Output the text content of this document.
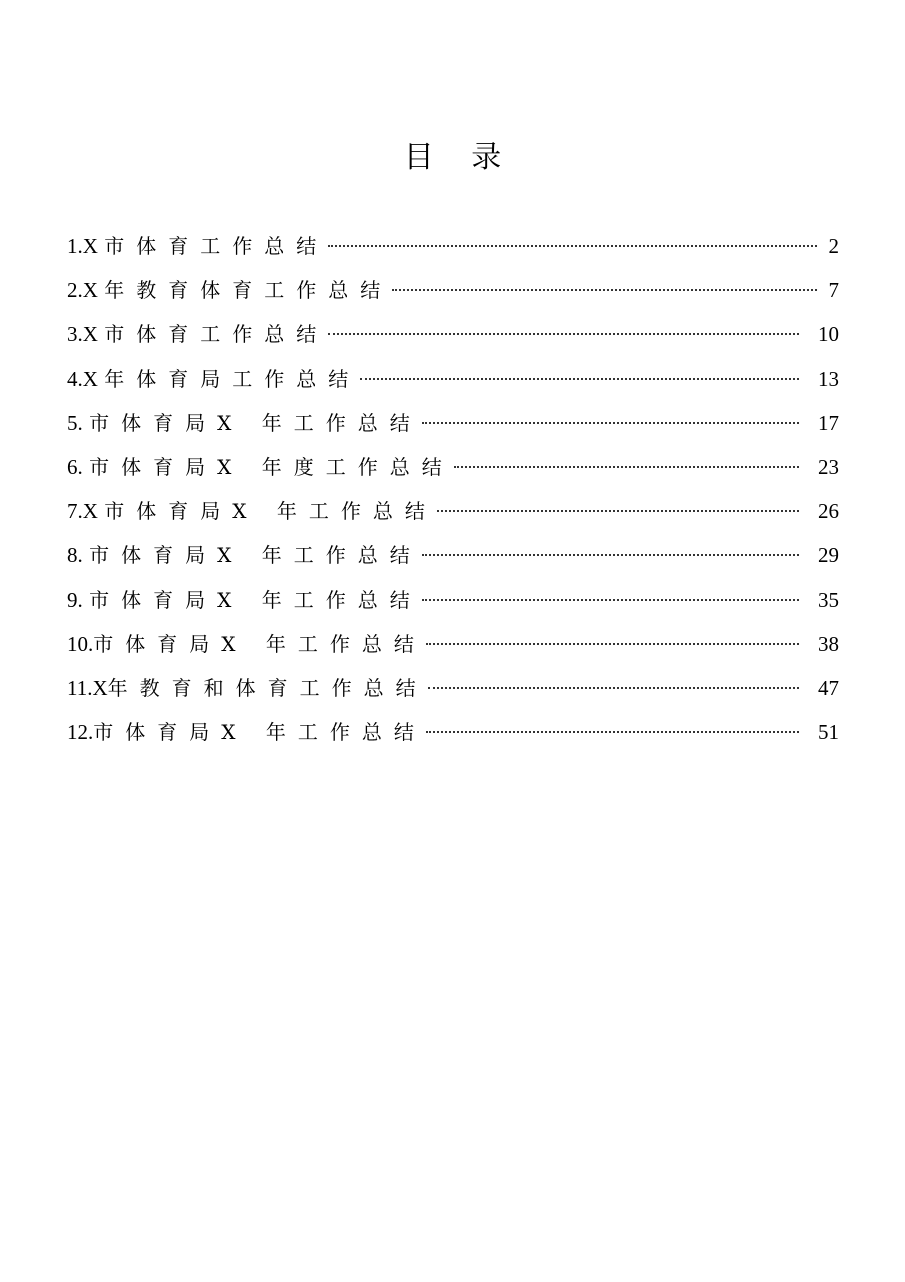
目 录
1.X 市体育工作总结	2
2.X 年教育体育工作总结	7
3.X 市体育工作总结	10
4.X 年体育局工作总结	13
5. 市体育局X 年工作总结	17
6. 市体育局X 年度工作总结	23
7.X 市体育局X 年工作总结	26
8. 市体育局X 年工作总结	29
9. 市体育局X 年工作总结	35
10.市体育局X 年工作总结	38
11.X年教育和体育工作总结	47
12.市体育局X 年工作总结	51
